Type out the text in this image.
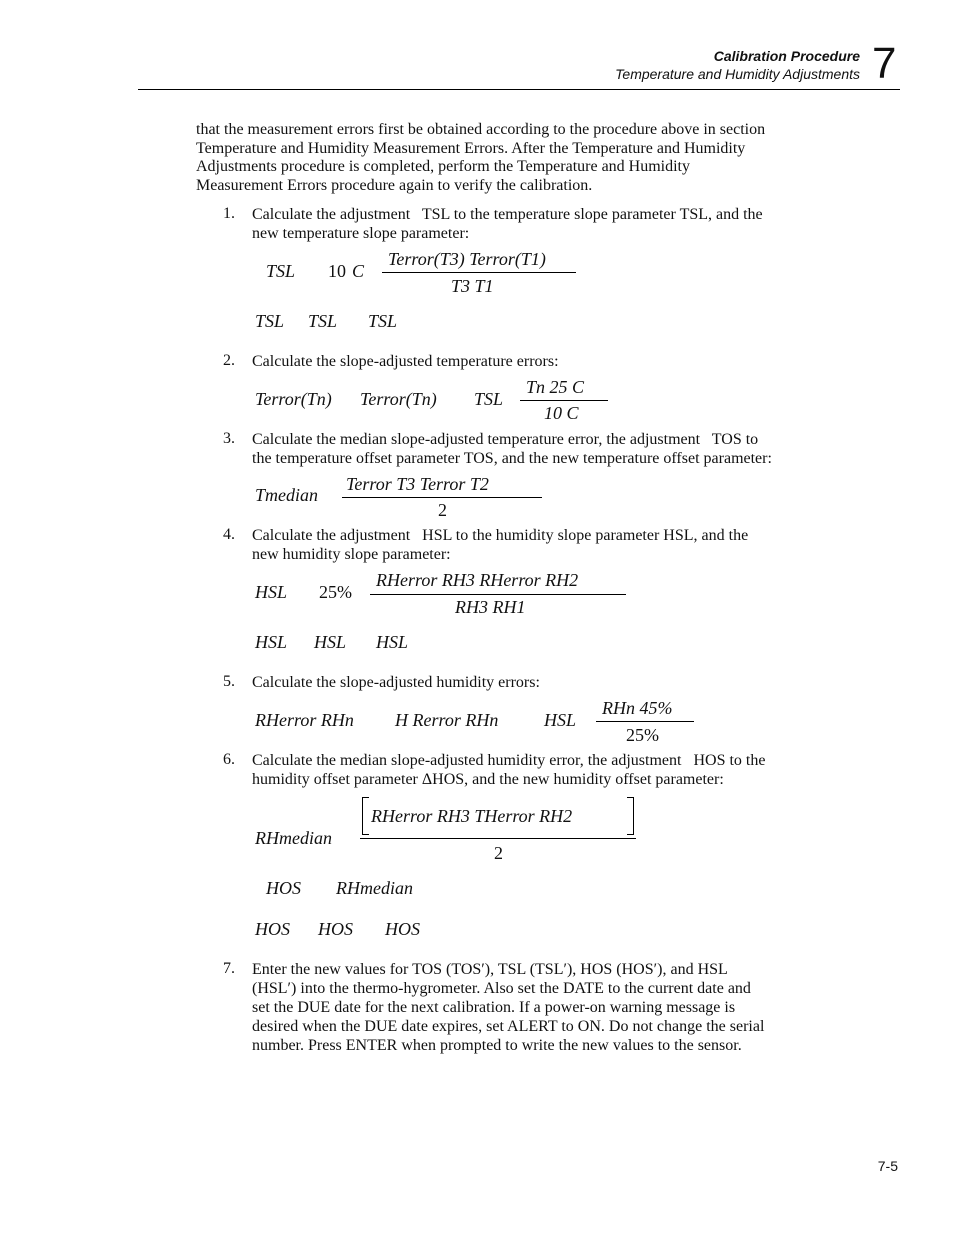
Calibration Procedure
Temperature and Humidity Adjustments 7

that the measurement errors first be obtained according to the procedure above in section

Temperature and Humidity Measurement Errors. After the Temperature and Humidity

Adjustments procedure is completed, perform the Temperature and Humidity

Measurement Errors procedure again to verify the calibration.

1. Calculate the adjustment   TSL to the temperature slope parameter TSL, and the

new temperature slope parameter:

TSL 10 C
Terror(T3) Terror(T1)
T3 T1
TSL TSL TSL
2. Calculate the slope-adjusted temperature errors:

Terror(Tn) Terror(Tn) TSL
Tn 25 C
10 C
3. Calculate the median slope-adjusted temperature error, the adjustment   TOS to

the temperature offset parameter TOS, and the new temperature offset parameter:

Tmedian
Terror T3 Terror T2
2
4. Calculate the adjustment   HSL to the humidity slope parameter HSL, and the

new humidity slope parameter:

HSL 25%
RHerror RH3 RHerror RH2
RH3 RH1
HSL HSL HSL
5. Calculate the slope-adjusted humidity errors:

RHerror RHn H Rerror RHn	HSL
RHn 45%
25%
6. Calculate the median slope-adjusted humidity error, the adjustment   HOS to the

humidity offset parameter ΔHOS, and the new humidity offset parameter:

RHmedian
RHerror RH3 THerror RH2
2
HOS RHmedian
HOS HOS HOS
7. Enter the new values for TOS (TOS′), TSL (TSL′), HOS (HOS′), and HSL

(HSL′) into the thermo-hygrometer. Also set the DATE to the current date and

set the DUE date for the next calibration. If a power-on warning message is

desired when the DUE date expires, set ALERT to ON. Do not change the serial

number. Press ENTER when prompted to write the new values to the sensor.

7-5
